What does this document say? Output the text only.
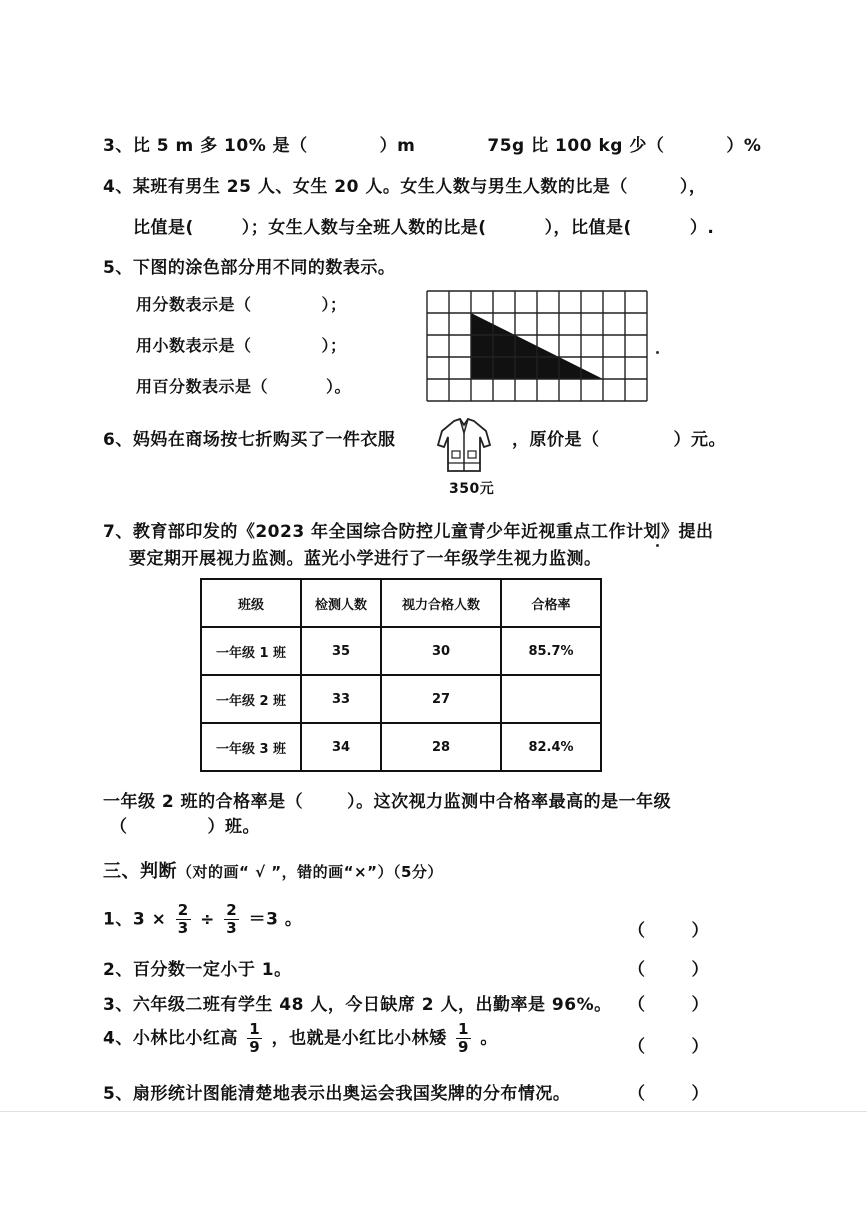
3、比 5 m 多 10% 是（	）m	75g 比 100 kg 少（	）%
4、某班有男生 25 人、女生 20 人。女生人数与男生人数的比是（	），
比值是(	）；女生人数与全班人数的比是(	），比值是(	）.
5、下图的涂色部分用不同的数表示。
用分数表示是（	）；
用小数表示是（	）；
用百分数表示是（	）。
6、妈妈在商场按七折购买了一件衣服	，原价是（	）元。
350元
7、教育部印发的《2023 年全国综合防控儿童青少年近视重点工作计划》提出
要定期开展视力监测。蓝光小学进行了一年级学生视力监测。
班级	检测人数	视力合格人数	合格率
一年级 1 班	35	30	85.7%
一年级 2 班	33	27	
一年级 3 班	34	28	82.4%
一年级 2 班的合格率是（	）。这次视力监测中合格率最高的是一年级
（	）班。
三、判断（对的画“ √ ”，错的画“×”）（5分）
1、$3 \times \frac{2}{3} \div \frac{2}{3} =3$ 。
2、百分数一定小于 1。
3、六年级二班有学生 48 人，今日缺席 2 人，出勤率是 96%。
4、小林比小红高 $\frac{1}{9}$ ，也就是小红比小林矮 $\frac{1}{9}$ 。
5、扇形统计图能清楚地表示出奥运会我国奖牌的分布情况。
（	）
（	）
（	）
（	）
（	）
